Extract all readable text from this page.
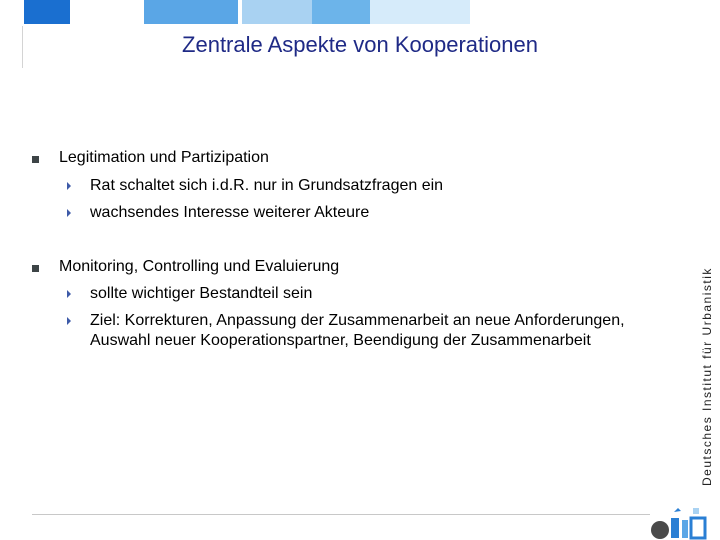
Zentrale Aspekte von Kooperationen
Legitimation und Partizipation
Rat schaltet sich i.d.R. nur in Grundsatzfragen ein
wachsendes Interesse weiterer Akteure
Monitoring, Controlling und Evaluierung
sollte wichtiger Bestandteil sein
Ziel: Korrekturen, Anpassung der Zusammenarbeit an neue Anforderungen, Auswahl neuer Kooperationspartner, Beendigung der Zusammenarbeit	Deutsches Institut für Urbanistik
